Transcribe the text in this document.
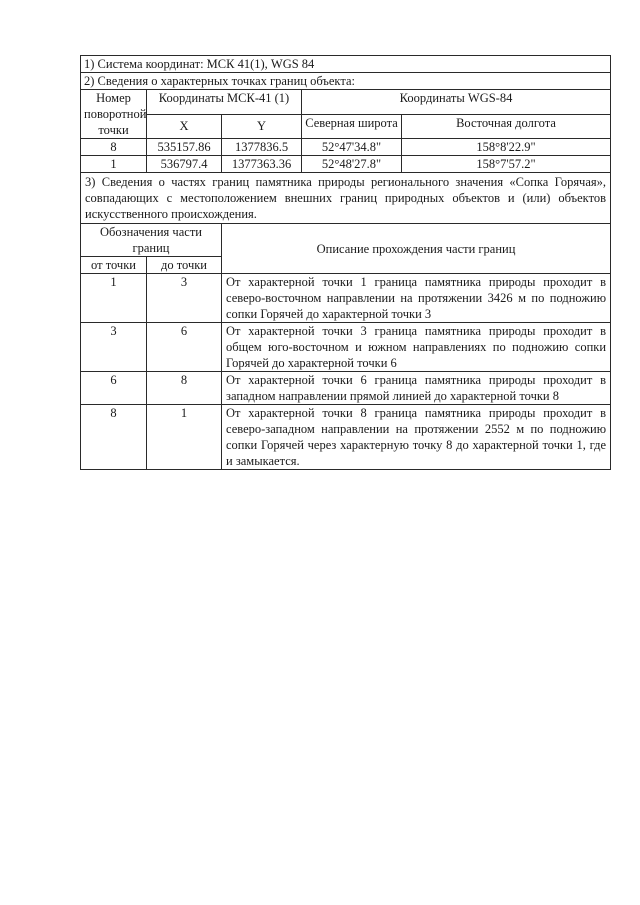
1) Система координат: МСК 41(1), WGS 84				
2) Сведения о характерных точках границ объекта:				
Номер поворотной точки	Координаты МСК-41 (1)		Координаты WGS-84	
	X	Y	Северная широта	Восточная долгота
8	535157.86	1377836.5	52°47'34.8"	158°8'22.9"
1	536797.4	1377363.36	52°48'27.8"	158°7'57.2"
3) Сведения о частях границ памятника природы регионального значения «Сопка Горячая», совпадающих с местоположением внешних границ природных объектов и (или) объектов искусственного происхождения.				
Обозначения части границ		Описание прохождения части границ		
от точки	до точки			
1	3	От характерной точки 1 граница памятника природы проходит в северо-восточном направлении на протяжении 3426 м по подножию сопки Горячей до характерной точки 3		
3	6	От характерной точки 3 граница памятника природы проходит в общем юго-восточном и южном направлениях по подножию сопки Горячей до характерной точки 6		
6	8	От характерной точки 6 граница памятника природы проходит в западном направлении прямой линией до характерной точки 8		
8	1	От характерной точки 8 граница памятника природы проходит в северо-западном направлении на протяжении 2552 м по подножию сопки Горячей через характерную точку 8 до характерной точки 1, где и замыкается.		
